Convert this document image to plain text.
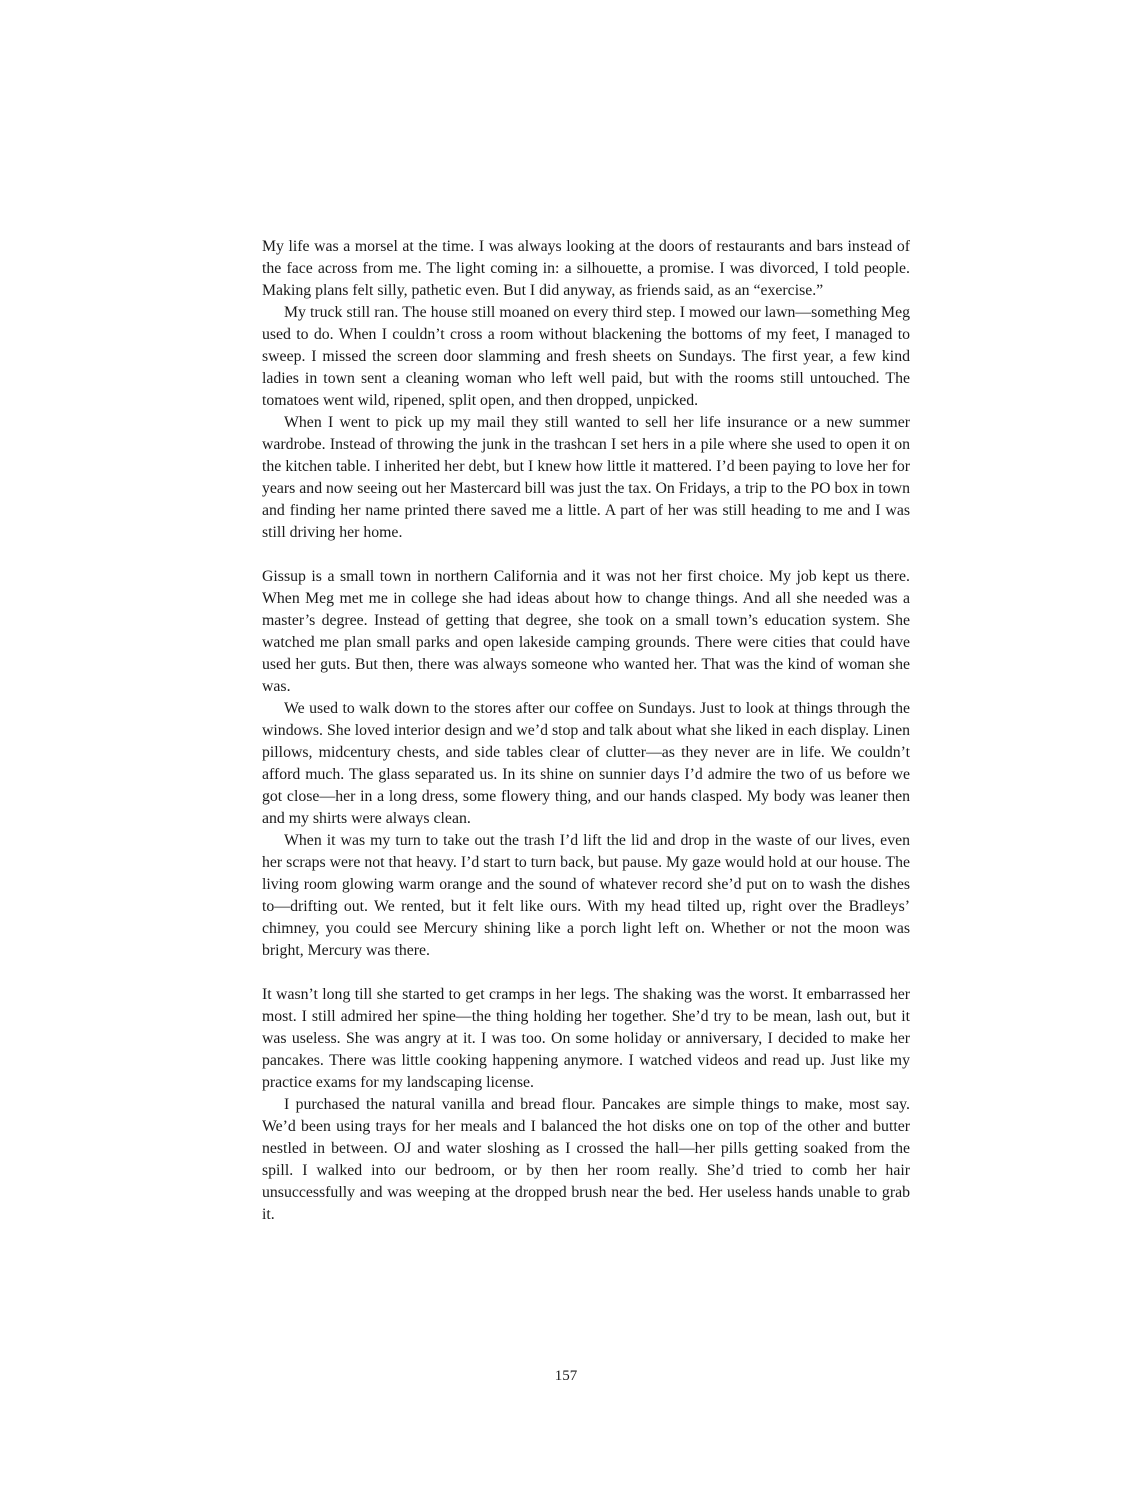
My life was a morsel at the time. I was always looking at the doors of restaurants and bars instead of the face across from me. The light coming in: a silhouette, a promise. I was divorced, I told people. Making plans felt silly, pathetic even. But I did anyway, as friends said, as an “exercise.”

My truck still ran. The house still moaned on every third step. I mowed our lawn—something Meg used to do. When I couldn’t cross a room without blackening the bottoms of my feet, I managed to sweep. I missed the screen door slamming and fresh sheets on Sundays. The first year, a few kind ladies in town sent a cleaning woman who left well paid, but with the rooms still untouched. The tomatoes went wild, ripened, split open, and then dropped, unpicked.

When I went to pick up my mail they still wanted to sell her life insurance or a new summer wardrobe. Instead of throwing the junk in the trashcan I set hers in a pile where she used to open it on the kitchen table. I inherited her debt, but I knew how little it mattered. I’d been paying to love her for years and now seeing out her Mastercard bill was just the tax. On Fridays, a trip to the PO box in town and finding her name printed there saved me a little. A part of her was still heading to me and I was still driving her home.

Gissup is a small town in northern California and it was not her first choice. My job kept us there. When Meg met me in college she had ideas about how to change things. And all she needed was a master’s degree. Instead of getting that degree, she took on a small town’s education system. She watched me plan small parks and open lakeside camping grounds. There were cities that could have used her guts. But then, there was always someone who wanted her. That was the kind of woman she was.

We used to walk down to the stores after our coffee on Sundays. Just to look at things through the windows. She loved interior design and we’d stop and talk about what she liked in each display. Linen pillows, midcentury chests, and side tables clear of clutter—as they never are in life. We couldn’t afford much. The glass separated us. In its shine on sunnier days I’d admire the two of us before we got close—her in a long dress, some flowery thing, and our hands clasped. My body was leaner then and my shirts were always clean.

When it was my turn to take out the trash I’d lift the lid and drop in the waste of our lives, even her scraps were not that heavy. I’d start to turn back, but pause. My gaze would hold at our house. The living room glowing warm orange and the sound of whatever record she’d put on to wash the dishes to—drifting out. We rented, but it felt like ours. With my head tilted up, right over the Bradleys’ chimney, you could see Mercury shining like a porch light left on. Whether or not the moon was bright, Mercury was there.

It wasn’t long till she started to get cramps in her legs. The shaking was the worst. It embarrassed her most. I still admired her spine—the thing holding her together. She’d try to be mean, lash out, but it was useless. She was angry at it. I was too. On some holiday or anniversary, I decided to make her pancakes. There was little cooking happening anymore. I watched videos and read up. Just like my practice exams for my landscaping license.

I purchased the natural vanilla and bread flour. Pancakes are simple things to make, most say. We’d been using trays for her meals and I balanced the hot disks one on top of the other and butter nestled in between. OJ and water sloshing as I crossed the hall—her pills getting soaked from the spill. I walked into our bedroom, or by then her room really. She’d tried to comb her hair unsuccessfully and was weeping at the dropped brush near the bed. Her useless hands unable to grab it.

157
